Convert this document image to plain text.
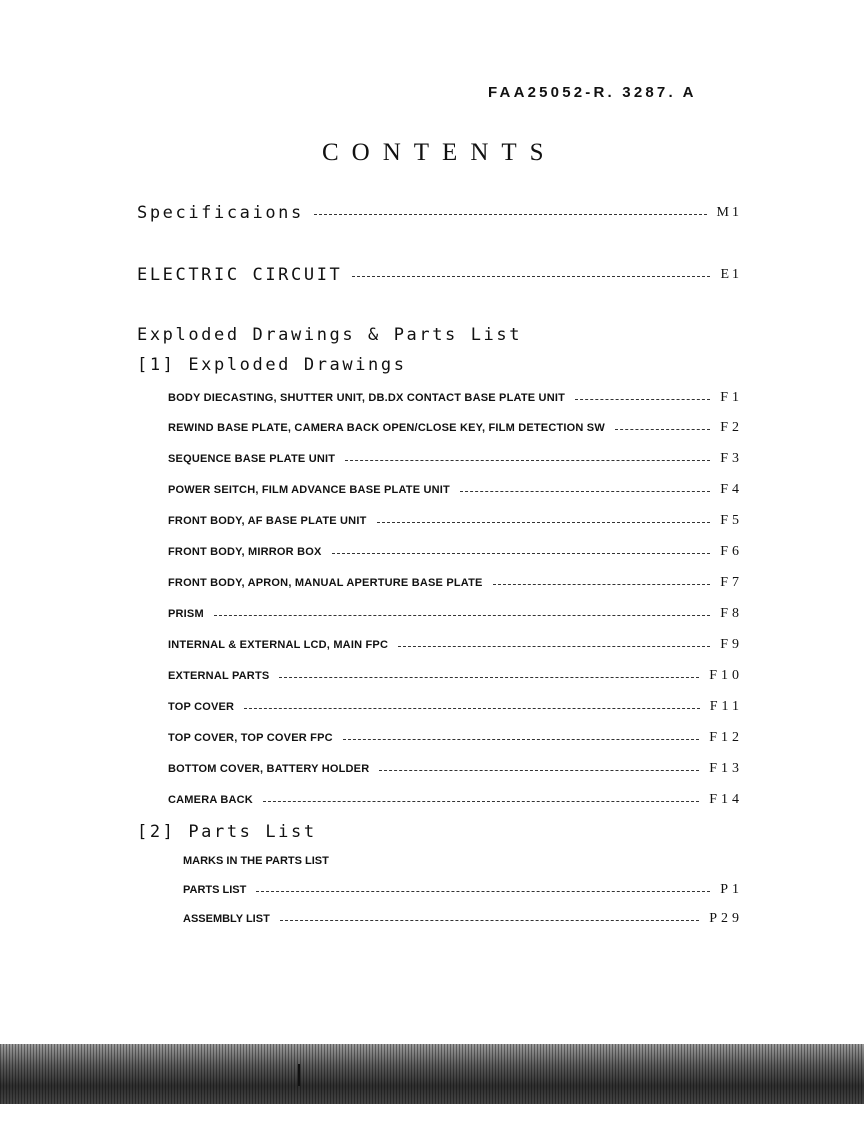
FAA25052-R. 3287. A
CONTENTS
Specificaions	M1
ELECTRIC CIRCUIT	E1
Exploded Drawings & Parts List
[1] Exploded Drawings
BODY DIECASTING, SHUTTER UNIT, DB.DX CONTACT BASE PLATE UNIT	F1
REWIND BASE PLATE, CAMERA BACK OPEN/CLOSE KEY, FILM DETECTION SW	F2
SEQUENCE BASE PLATE UNIT	F3
POWER SEITCH, FILM ADVANCE BASE PLATE UNIT	F4
FRONT BODY, AF BASE PLATE UNIT	F5
FRONT BODY, MIRROR BOX	F6
FRONT BODY, APRON, MANUAL APERTURE BASE PLATE	F7
PRISM	F8
INTERNAL & EXTERNAL LCD, MAIN FPC	F9
EXTERNAL PARTS	F10
TOP COVER	F11
TOP COVER, TOP COVER FPC	F12
BOTTOM COVER, BATTERY HOLDER	F13
CAMERA BACK	F14
[2] Parts List
MARKS IN THE PARTS LIST
PARTS LIST	P1
ASSEMBLY LIST	P29
